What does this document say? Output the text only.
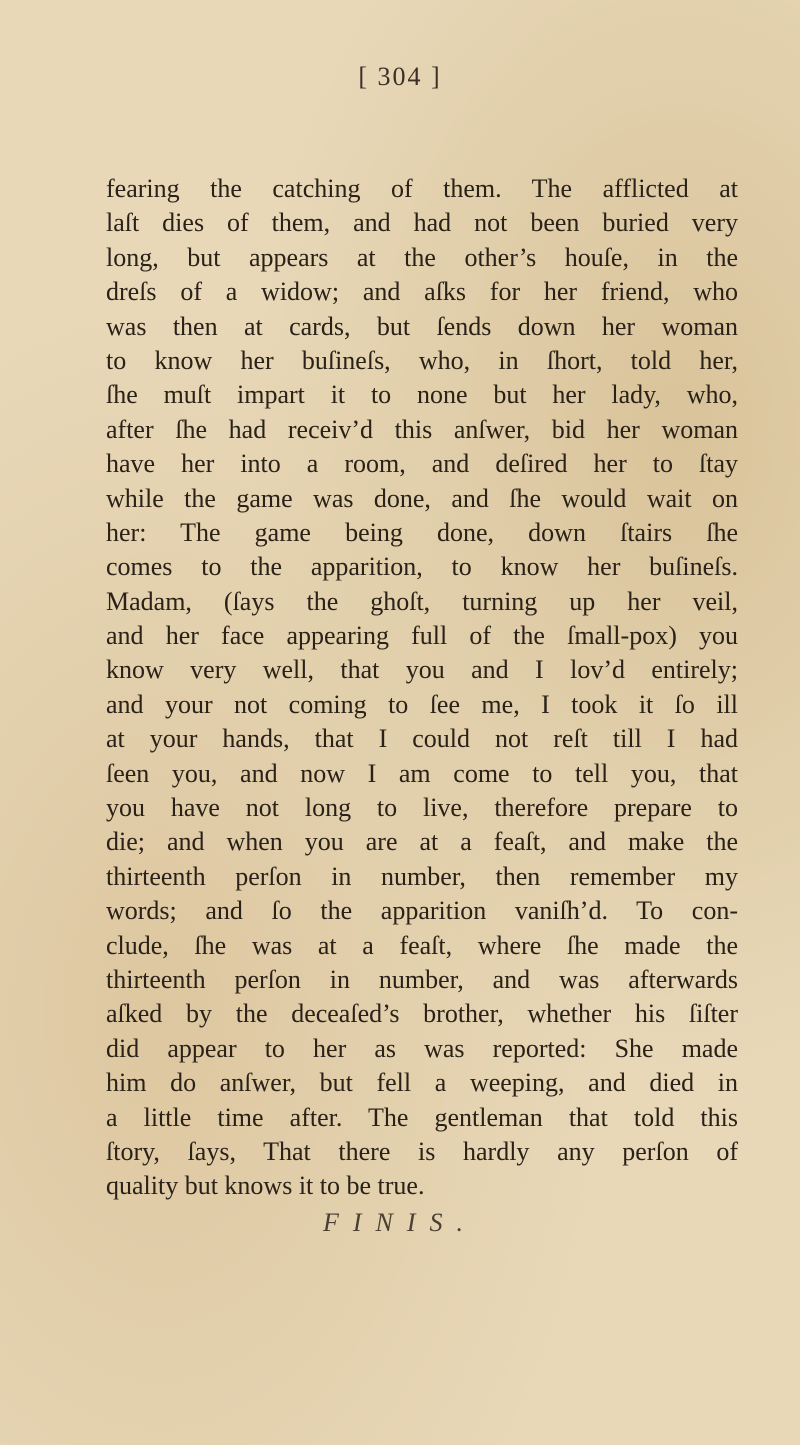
[ 304 ]
fearing the catching of them. The afflicted at
laſt dies of them, and had not been buried very
long, but appears at the other’s houſe, in the
dreſs of a widow; and aſks for her friend, who
was then at cards, but ſends down her woman
to know her buſineſs, who, in ſhort, told her,
ſhe muſt impart it to none but her lady, who,
after ſhe had receiv’d this anſwer, bid her woman
have her into a room, and deſired her to ſtay
while the game was done, and ſhe would wait on
her: The game being done, down ſtairs ſhe
comes to the apparition, to know her buſineſs.
Madam, (ſays the ghoſt, turning up her veil,
and her face appearing full of the ſmall-pox) you
know very well, that you and I lov’d entirely;
and your not coming to ſee me, I took it ſo ill
at your hands, that I could not reſt till I had
ſeen you, and now I am come to tell you, that
you have not long to live, therefore prepare to
die; and when you are at a feaſt, and make the
thirteenth perſon in number, then remember my
words; and ſo the apparition vaniſh’d. To con-
clude, ſhe was at a feaſt, where ſhe made the
thirteenth perſon in number, and was afterwards
aſked by the deceaſed’s brother, whether his ſiſter
did appear to her as was reported: She made
him do anſwer, but fell a weeping, and died in
a little time after. The gentleman that told this
ſtory, ſays, That there is hardly any perſon of
quality but knows it to be true.
FINIS.
